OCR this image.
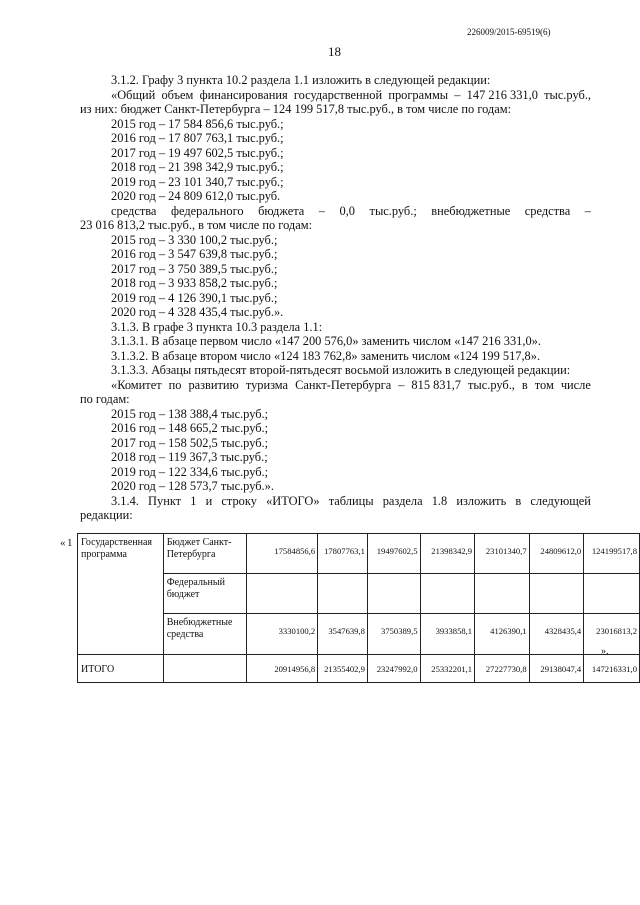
226009/2015-69519(6)
18
3.1.2. Графу 3 пункта 10.2 раздела 1.1 изложить в следующей редакции:
«Общий объем финансирования государственной программы – 147 216 331,0 тыс.руб.,
из них: бюджет Санкт-Петербурга – 124 199 517,8 тыс.руб., в том числе по годам:
2015 год – 17 584 856,6 тыс.руб.;
2016 год – 17 807 763,1 тыс.руб.;
2017 год – 19 497 602,5 тыс.руб.;
2018 год – 21 398 342,9 тыс.руб.;
2019 год – 23 101 340,7 тыс.руб.;
2020 год – 24 809 612,0 тыс.руб.
средства федерального бюджета – 0,0 тыс.руб.; внебюджетные средства –
23 016 813,2 тыс.руб., в том числе по годам:
2015 год – 3 330 100,2 тыс.руб.;
2016 год – 3 547 639,8 тыс.руб.;
2017 год – 3 750 389,5 тыс.руб.;
2018 год – 3 933 858,2 тыс.руб.;
2019 год – 4 126 390,1 тыс.руб.;
2020 год – 4 328 435,4 тыс.руб.».
3.1.3. В графе 3 пункта 10.3 раздела 1.1:
3.1.3.1. В абзаце первом число «147 200 576,0» заменить числом «147 216 331,0».
3.1.3.2. В абзаце втором число «124 183 762,8» заменить числом «124 199 517,8».
3.1.3.3. Абзацы пятьдесят второй-пятьдесят восьмой изложить в следующей редакции:
«Комитет по развитию туризма Санкт-Петербурга – 815 831,7 тыс.руб., в том числе
по годам:
2015 год – 138 388,4 тыс.руб.;
2016 год – 148 665,2 тыс.руб.;
2017 год – 158 502,5 тыс.руб.;
2018 год – 119 367,3 тыс.руб.;
2019 год – 122 334,6 тыс.руб.;
2020 год – 128 573,7 тыс.руб.».
3.1.4. Пункт 1 и строку «ИТОГО» таблицы раздела 1.8 изложить в следующей
редакции:
« 1 Государственная программа	Бюджет Санкт-Петербурга	17584856,6	17807763,1	19497602,5	21398342,9	23101340,7	24809612,0	124199517,8
	Федеральный бюджет							
	Внебюджетные средства	3330100,2	3547639,8	3750389,5	3933858,1	4126390,1	4328435,4	23016813,2
ИТОГО		20914956,8	21355402,9	23247992,0	25332201,1	27227730,8	29138047,4	147216331,0
».
